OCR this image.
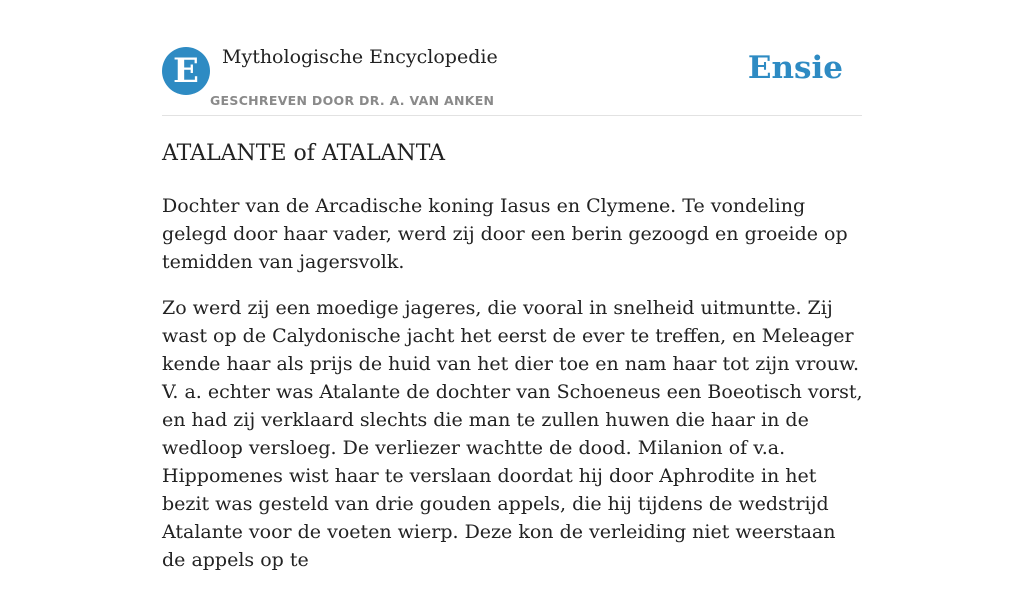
E	Mythologische Encyclopedie
GESCHREVEN DOOR DR. A. VAN ANKEN
Ensie
ATALANTE of ATALANTA

Dochter van de Arcadische koning Iasus en Clymene. Te vondeling gelegd door haar vader, werd zij door een berin gezoogd en groeide op temidden van jagersvolk.

Zo werd zij een moedige jageres, die vooral in snelheid uitmuntte. Zij wast op de Calydonische jacht het eerst de ever te treffen, en Meleager kende haar als prijs de huid van het dier toe en nam haar tot zijn vrouw. V. a. echter was Atalante de dochter van Schoeneus een Boeotisch vorst, en had zij verklaard slechts die man te zullen huwen die haar in de wedloop versloeg. De verliezer wachtte de dood. Milanion of v.a. Hippomenes wist haar te verslaan doordat hij door Aphrodite in het bezit was gesteld van drie gouden appels, die hij tijdens de wedstrijd Atalante voor de voeten wierp. Deze kon de verleiding niet weerstaan de appels op te
